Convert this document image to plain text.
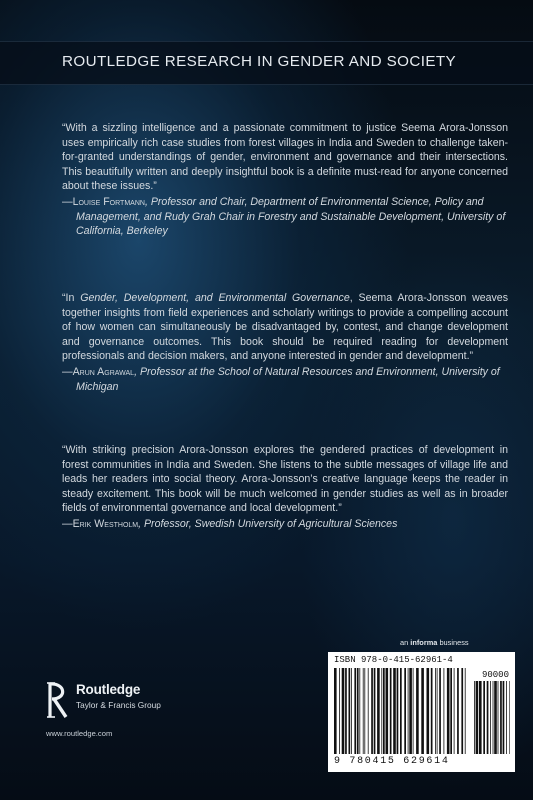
ROUTLEDGE RESEARCH IN GENDER AND SOCIETY

“With a sizzling intelligence and a passionate commitment to justice Seema Arora-Jonsson uses empirically rich case studies from forest villages in India and Sweden to challenge taken-for-granted understandings of gender, environment and governance and their intersections. This beautifully written and deeply insightful book is a definite must-read for anyone concerned about these issues.”

—Louise Fortmann, Professor and Chair, Department of Environmental Science, Policy and Management, and Rudy Grah Chair in Forestry and Sustainable Development, University of California, Berkeley

“In Gender, Development, and Environmental Governance, Seema Arora-Jonsson weaves together insights from field experiences and scholarly writings to provide a compelling account of how women can simultaneously be disadvantaged by, contest, and change development and governance outcomes. This book should be required reading for development professionals and decision makers, and anyone interested in gender and development.”

—Arun Agrawal, Professor at the School of Natural Resources and Environment, University of Michigan

“With striking precision Arora-Jonsson explores the gendered practices of development in forest communities in India and Sweden. She listens to the subtle messages of village life and leads her readers into social theory. Arora-Jonsson’s creative language keeps the reader in steady excitement. This book will be much welcomed in gender studies as well as in broader fields of environmental governance and local development.”

—Erik Westholm, Professor, Swedish University of Agricultural Sciences

an informa business
Routledge
Taylor & Francis Group
www.routledge.com
ISBN 978-0-415-62961-4
90000
9 780415 629614
